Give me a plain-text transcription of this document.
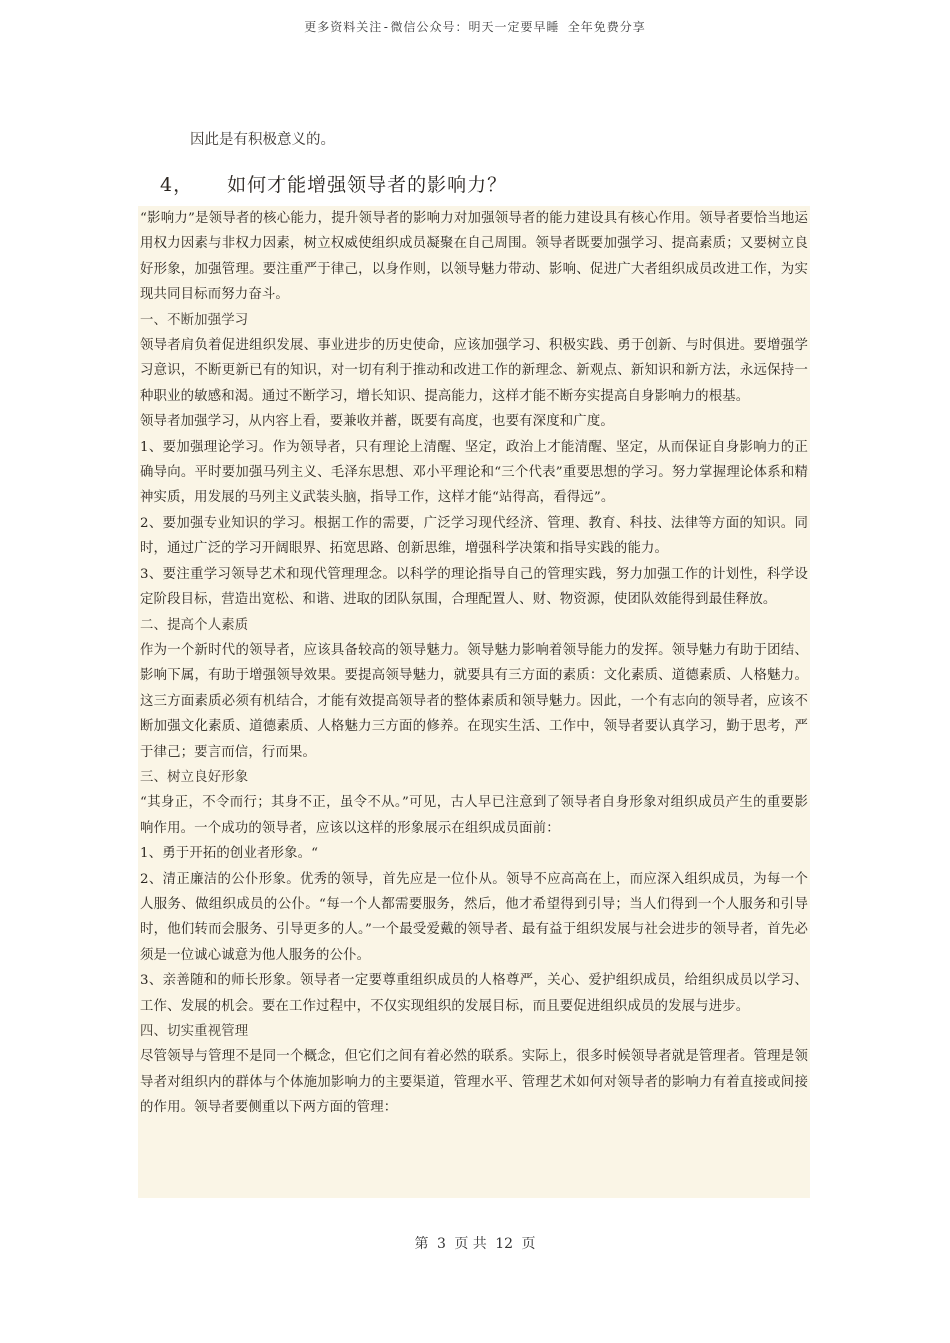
更多资料关注-微信公众号：明天一定要早睡 全年免费分享
因此是有积极意义的。
4， 如何才能增强领导者的影响力？

“影响力”是领导者的核心能力，提升领导者的影响力对加强领导者的能力建设具有核心作用。领导者要恰当地运用权力因素与非权力因素，树立权威使组织成员凝聚在自己周围。领导者既要加强学习、提高素质；又要树立良好形象，加强管理。要注重严于律己，以身作则，以领导魅力带动、影响、促进广大者组织成员改进工作，为实现共同目标而努力奋斗。

一、不断加强学习

领导者肩负着促进组织发展、事业进步的历史使命，应该加强学习、积极实践、勇于创新、与时俱进。要增强学习意识，不断更新已有的知识，对一切有利于推动和改进工作的新理念、新观点、新知识和新方法，永远保持一种职业的敏感和渴。通过不断学习，增长知识、提高能力，这样才能不断夯实提高自身影响力的根基。

领导者加强学习，从内容上看，要兼收并蓄，既要有高度，也要有深度和广度。

1、要加强理论学习。作为领导者，只有理论上清醒、坚定，政治上才能清醒、坚定，从而保证自身影响力的正确导向。平时要加强马列主义、毛泽东思想、邓小平理论和“三个代表”重要思想的学习。努力掌握理论体系和精神实质，用发展的马列主义武装头脑，指导工作，这样才能“站得高，看得远”。

2、要加强专业知识的学习。根据工作的需要，广泛学习现代经济、管理、教育、科技、法律等方面的知识。同时，通过广泛的学习开阔眼界、拓宽思路、创新思维，增强科学决策和指导实践的能力。

3、要注重学习领导艺术和现代管理理念。以科学的理论指导自己的管理实践，努力加强工作的计划性，科学设定阶段目标，营造出宽松、和谐、进取的团队氛围，合理配置人、财、物资源，使团队效能得到最佳释放。

二、提高个人素质

作为一个新时代的领导者，应该具备较高的领导魅力。领导魅力影响着领导能力的发挥。领导魅力有助于团结、影响下属，有助于增强领导效果。要提高领导魅力，就要具有三方面的素质：文化素质、道德素质、人格魅力。这三方面素质必须有机结合，才能有效提高领导者的整体素质和领导魅力。因此，一个有志向的领导者，应该不断加强文化素质、道德素质、人格魅力三方面的修养。在现实生活、工作中，领导者要认真学习，勤于思考，严于律己；要言而信，行而果。

三、树立良好形象

“其身正，不令而行；其身不正，虽令不从。”可见，古人早已注意到了领导者自身形象对组织成员产生的重要影响作用。一个成功的领导者，应该以这样的形象展示在组织成员面前：

1、勇于开拓的创业者形象。“

2、清正廉洁的公仆形象。优秀的领导，首先应是一位仆从。领导不应高高在上，而应深入组织成员，为每一个人服务、做组织成员的公仆。“每一个人都需要服务，然后，他才希望得到引导；当人们得到一个人服务和引导时，他们转而会服务、引导更多的人。”一个最受爱戴的领导者、最有益于组织发展与社会进步的领导者，首先必须是一位诚心诚意为他人服务的公仆。

3、亲善随和的师长形象。领导者一定要尊重组织成员的人格尊严，关心、爱护组织成员，给组织成员以学习、工作、发展的机会。要在工作过程中，不仅实现组织的发展目标，而且要促进组织成员的发展与进步。

四、切实重视管理

尽管领导与管理不是同一个概念，但它们之间有着必然的联系。实际上，很多时候领导者就是管理者。管理是领导者对组织内的群体与个体施加影响力的主要渠道，管理水平、管理艺术如何对领导者的影响力有着直接或间接的作用。领导者要侧重以下两方面的管理：

第 3 页 共 12 页
